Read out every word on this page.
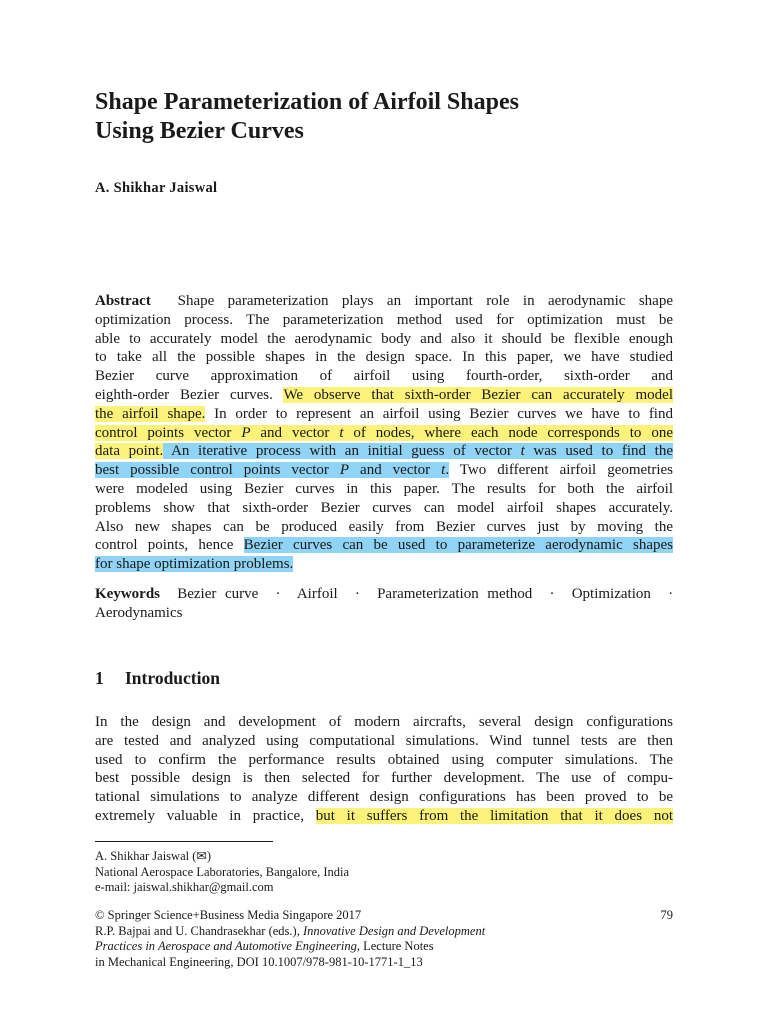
Shape Parameterization of Airfoil Shapes
Using Bezier Curves
A. Shikhar Jaiswal
Abstract Shape parameterization plays an important role in aerodynamic shape
optimization process. The parameterization method used for optimization must be
able to accurately model the aerodynamic body and also it should be flexible enough
to take all the possible shapes in the design space. In this paper, we have studied
Bezier curve approximation of airfoil using fourth-order, sixth-order and
eighth-order Bezier curves. We observe that sixth-order Bezier can accurately model
the airfoil shape. In order to represent an airfoil using Bezier curves we have to find
control points vector P and vector t of nodes, where each node corresponds to one
data point. An iterative process with an initial guess of vector t was used to find the
best possible control points vector P and vector t. Two different airfoil geometries
were modeled using Bezier curves in this paper. The results for both the airfoil
problems show that sixth-order Bezier curves can model airfoil shapes accurately.
Also new shapes can be produced easily from Bezier curves just by moving the
control points, hence Bezier curves can be used to parameterize aerodynamic shapes
for shape optimization problems.
Keywords Bezier curve · Airfoil · Parameterization method · Optimization ·
Aerodynamics
1 Introduction
In the design and development of modern aircrafts, several design configurations
are tested and analyzed using computational simulations. Wind tunnel tests are then
used to confirm the performance results obtained using computer simulations. The
best possible design is then selected for further development. The use of compu-
tational simulations to analyze different design configurations has been proved to be
extremely valuable in practice, but it suffers from the limitation that it does not
A. Shikhar Jaiswal (✉)
National Aerospace Laboratories, Bangalore, India
e-mail: jaiswal.shikhar@gmail.com
© Springer Science+Business Media Singapore 2017	79
R.P. Bajpai and U. Chandrasekhar (eds.), Innovative Design and Development
Practices in Aerospace and Automotive Engineering, Lecture Notes
in Mechanical Engineering, DOI 10.1007/978-981-10-1771-1_13
